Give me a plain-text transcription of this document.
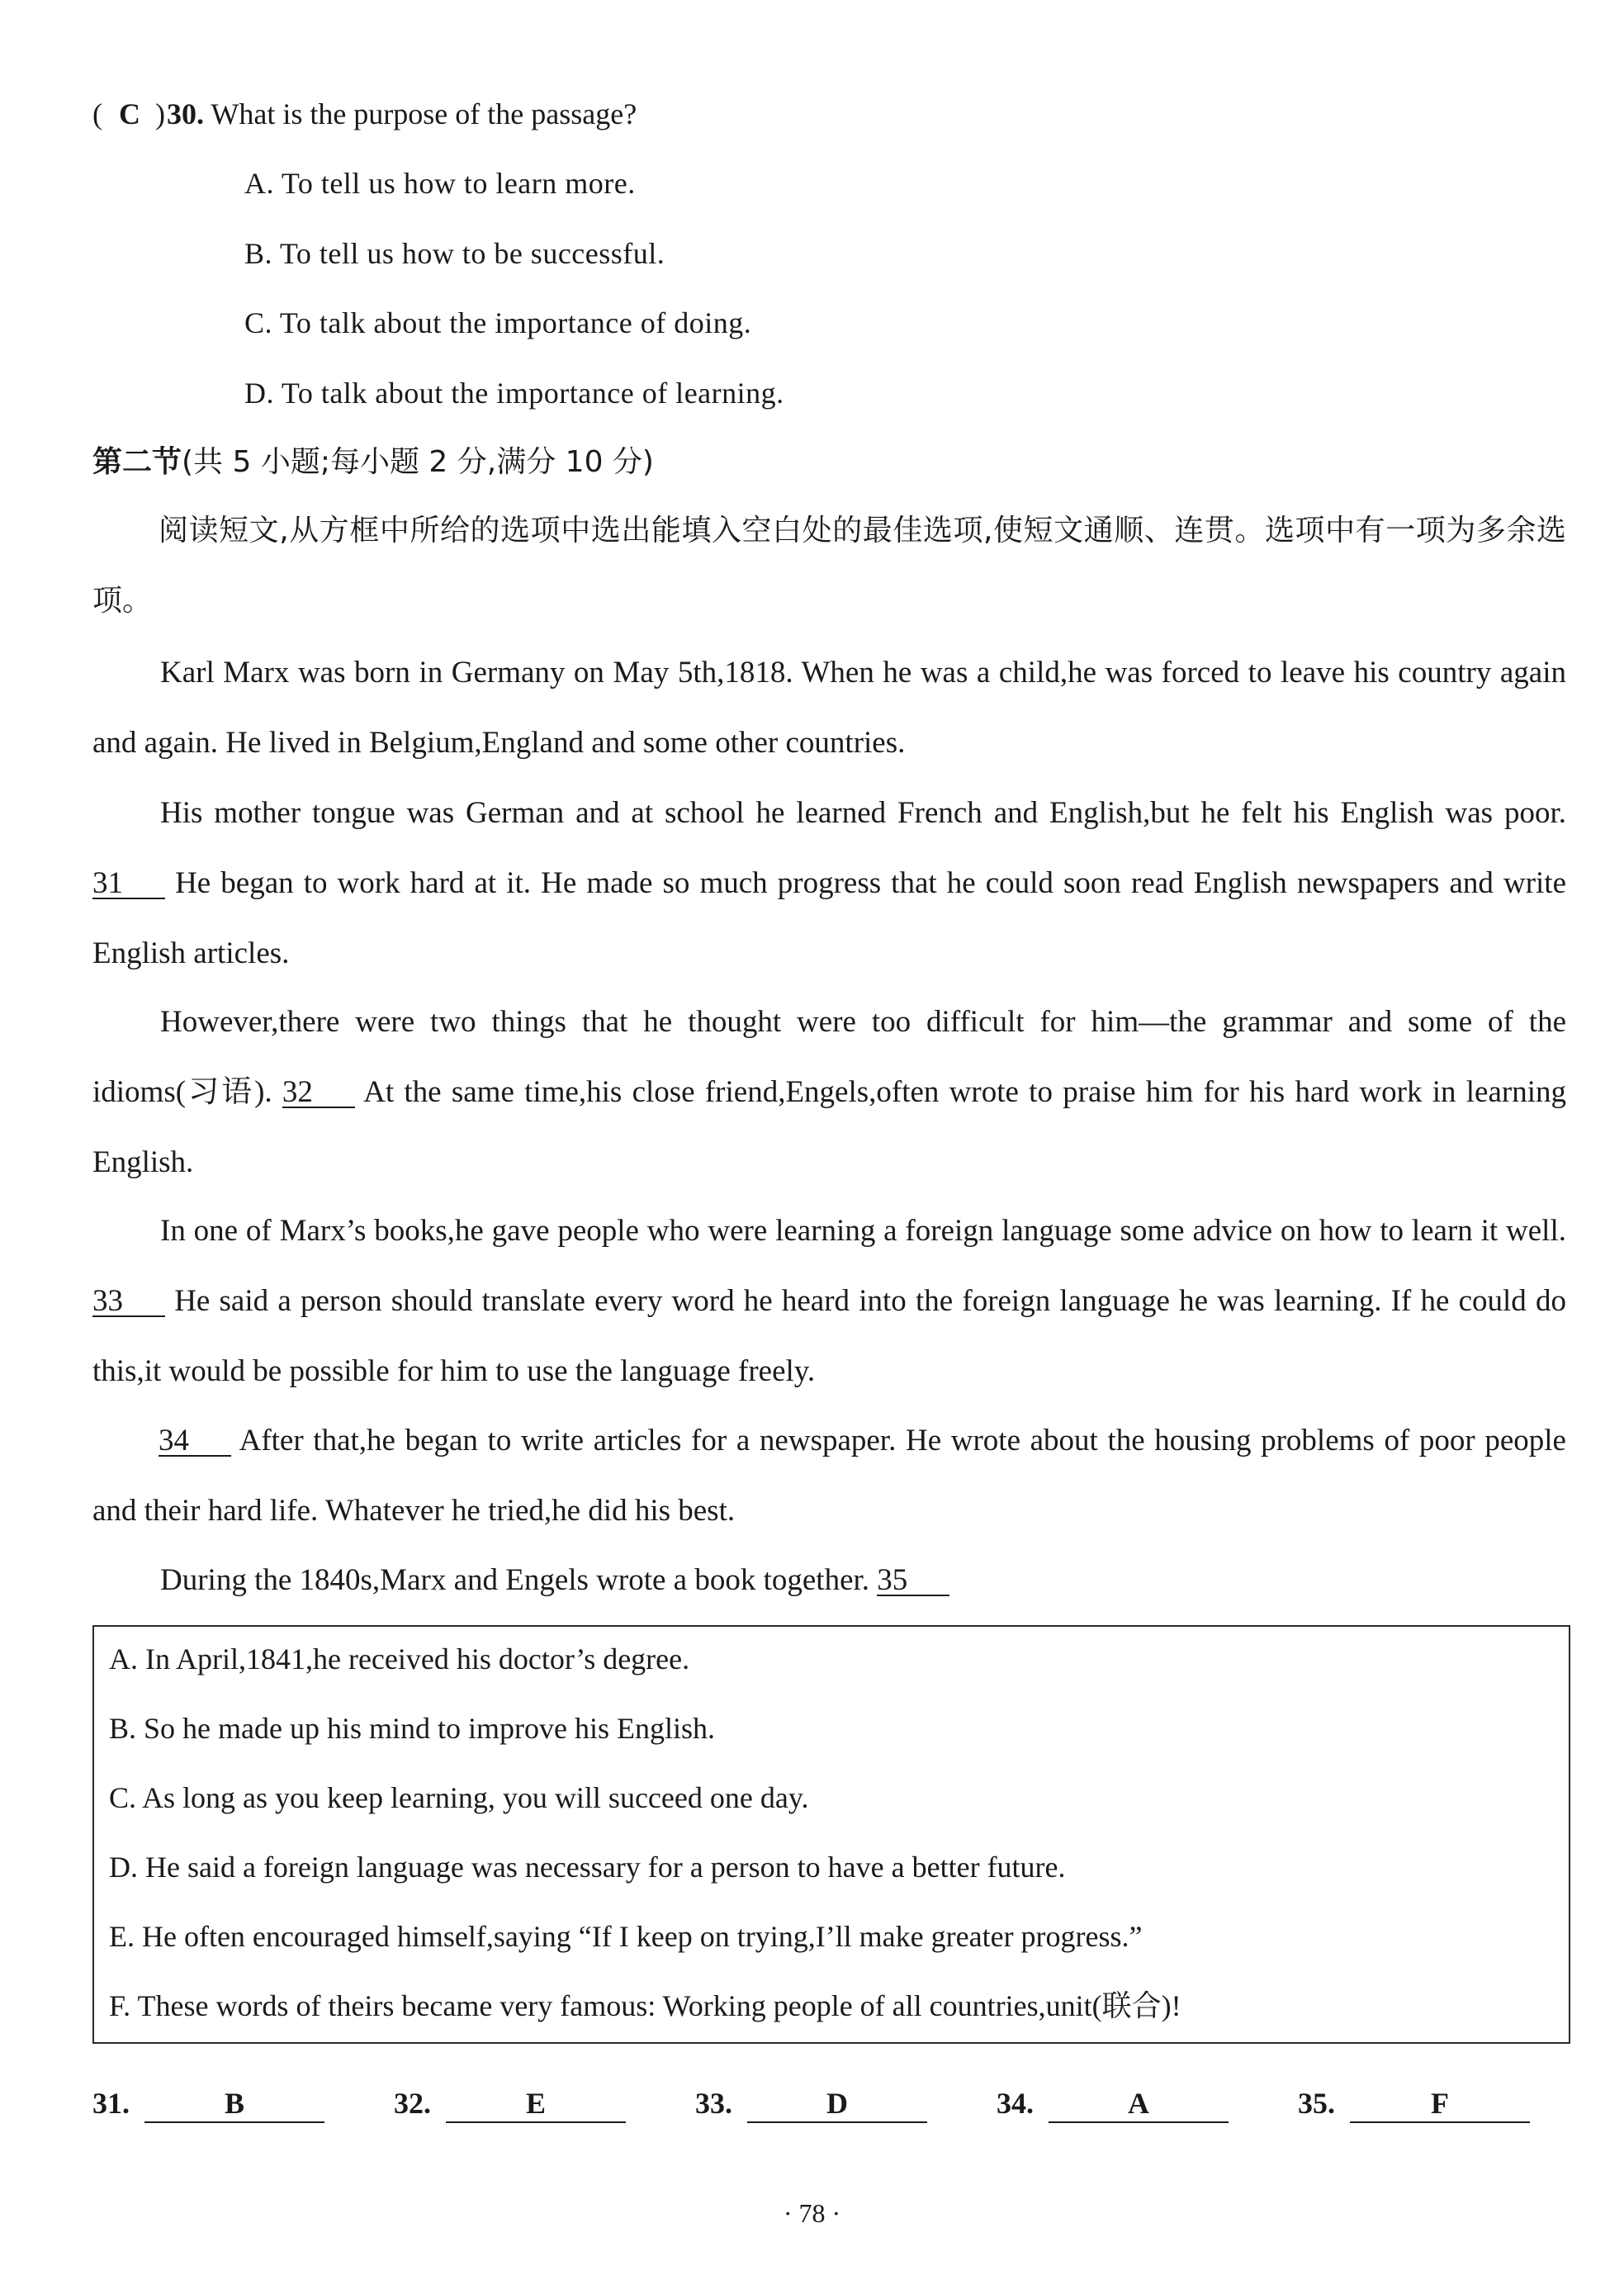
( C )30. What is the purpose of the passage?
A. To tell us how to learn more.
B. To tell us how to be successful.
C. To talk about the importance of doing.
D. To talk about the importance of learning.
第二节(共 5 小题;每小题 2 分,满分 10 分)
阅读短文,从方框中所给的选项中选出能填入空白处的最佳选项,使短文通顺、连贯。选项中有一项为多余选项。
Karl Marx was born in Germany on May 5th,1818. When he was a child,he was forced to leave his country again and again. He lived in Belgium,England and some other countries.
His mother tongue was German and at school he learned French and English,but he felt his English was poor. 31 He began to work hard at it. He made so much progress that he could soon read English newspapers and write English articles.
However,there were two things that he thought were too difficult for him—the grammar and some of the idioms(习语). 32 At the same time,his close friend,Engels,often wrote to praise him for his hard work in learning English.
In one of Marx’s books,he gave people who were learning a foreign language some advice on how to learn it well. 33 He said a person should translate every word he heard into the foreign language he was learning. If he could do this,it would be possible for him to use the language freely.
34 After that,he began to write articles for a newspaper. He wrote about the housing problems of poor people and their hard life. Whatever he tried,he did his best.
During the 1840s,Marx and Engels wrote a book together. 35
A. In April,1841,he received his doctor’s degree.
B. So he made up his mind to improve his English.
C. As long as you keep learning, you will succeed one day.
D. He said a foreign language was necessary for a person to have a better future.
E. He often encouraged himself,saying “If I keep on trying,I’ll make greater progress.”
F. These words of theirs became very famous: Working people of all countries,unit(联合)!
31.	B	32.	E	33.	D	34.	A	35.	F
· 78 ·
